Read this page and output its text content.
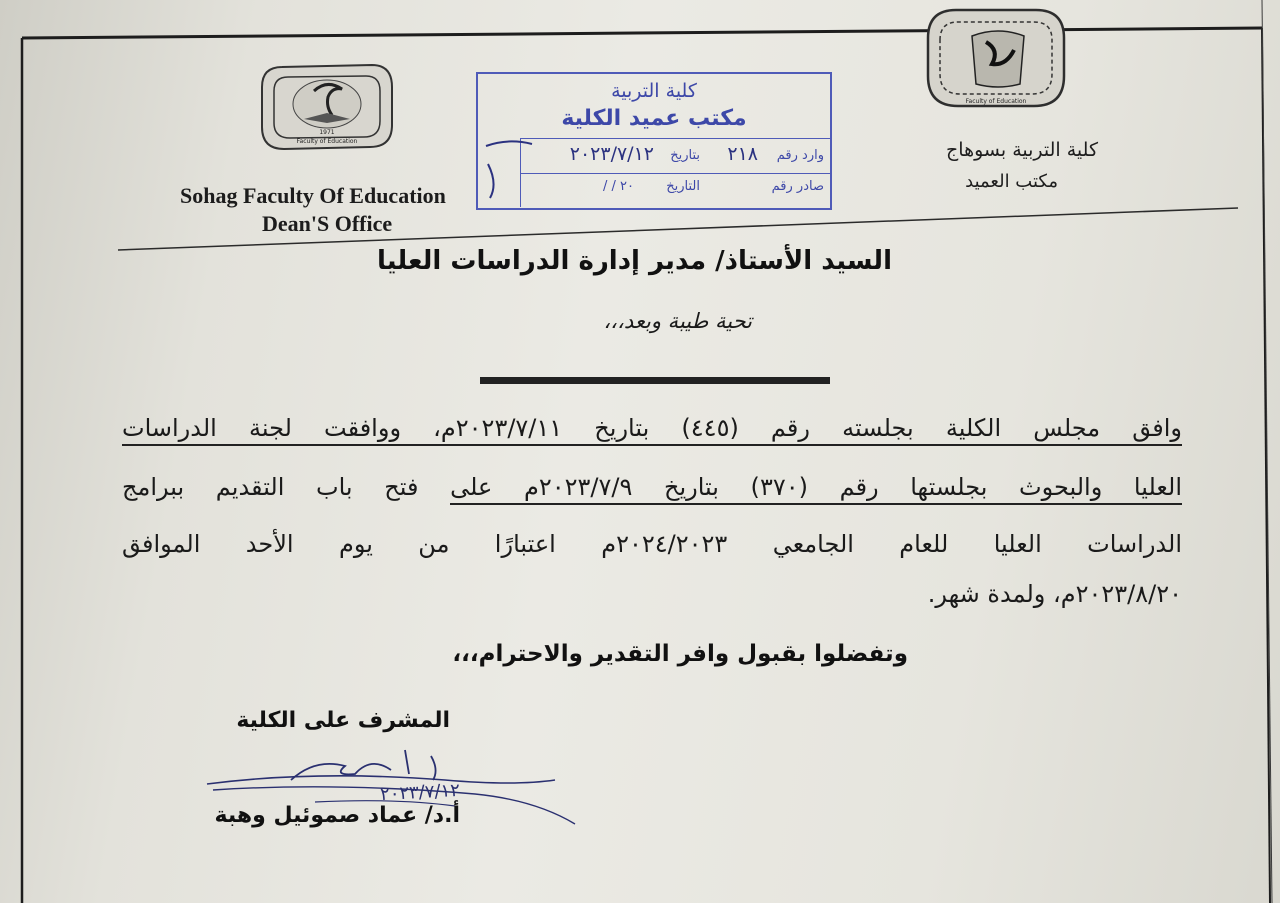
1971
Faculty of Education
Faculty of Education
Sohag Faculty Of Education
Dean'S Office
كلية التربية بسوهاج
مكتب العميد
كلية التربية
مكتب عميد الكلية
وارد رقم
٢١٨
بتاريخ
٢٠٢٣/٧/١٢
صادر رقم
التاريخ
٢٠ / /
السيد الأستاذ/ مدير إدارة الدراسات العليا
تحية طيبة وبعد،،،
وافق مجلس الكلية بجلسته رقم (٤٤٥) بتاريخ ٢٠٢٣/٧/١١م، ووافقت لجنة الدراسات
العليا والبحوث بجلستها رقم (٣٧٠) بتاريخ ٢٠٢٣/٧/٩م على فتح باب التقديم ببرامج
الدراسات العليا للعام الجامعي ٢٠٢٤/٢٠٢٣م اعتبارًا من يوم الأحد الموافق
٢٠٢٣/٨/٢٠م، ولمدة شهر.
وتفضلوا بقبول وافر التقدير والاحترام،،،
المشرف على الكلية
٢٠٢٣/٧/١٢
أ.د/ عماد صموئيل وهبة
